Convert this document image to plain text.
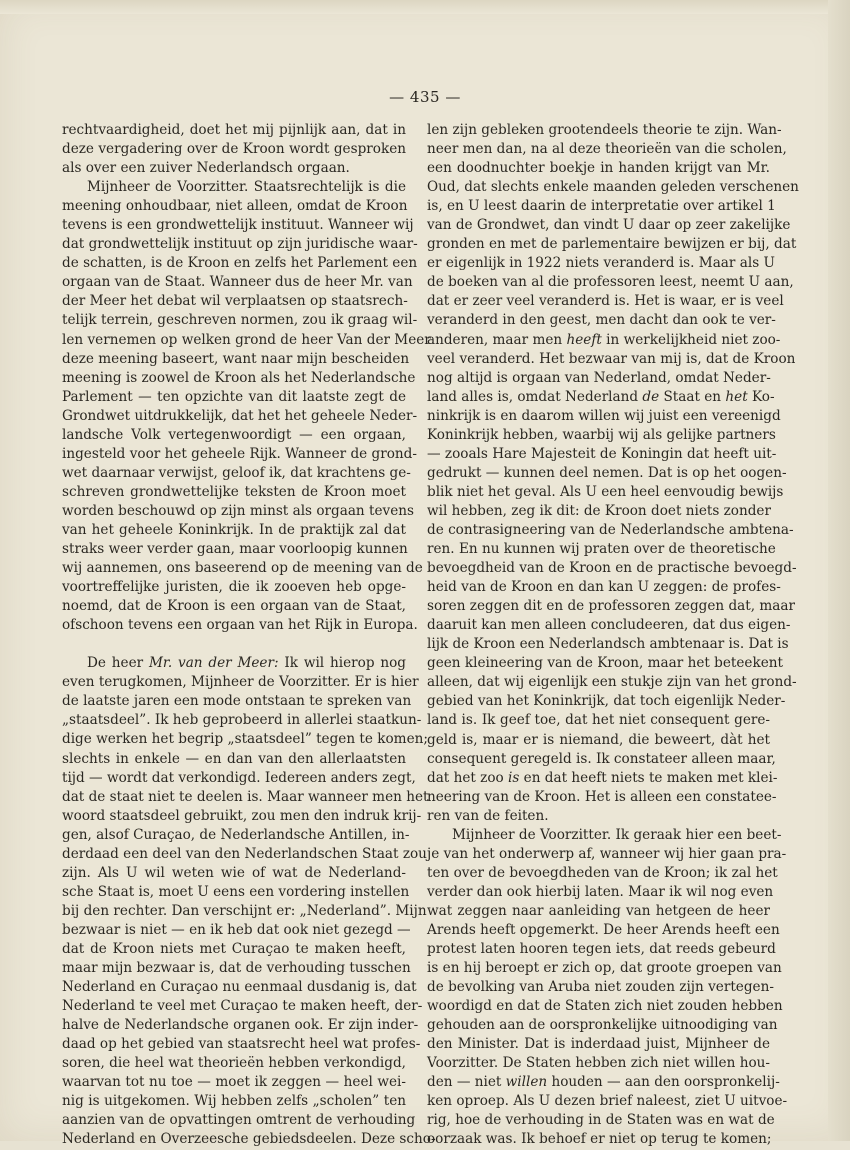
— 435 —
rechtvaardigheid, doet het mij pijnlijk aan, dat in
deze vergadering over de Kroon wordt gesproken
als over een zuiver Nederlandsch orgaan.
Mijnheer de Voorzitter. Staatsrechtelijk is die
meening onhoudbaar, niet alleen, omdat de Kroon
tevens is een grondwettelijk instituut. Wanneer wij
dat grondwettelijk instituut op zijn juridische waar-
de schatten, is de Kroon en zelfs het Parlement een
orgaan van de Staat. Wanneer dus de heer Mr. van
der Meer het debat wil verplaatsen op staatsrech-
telijk terrein, geschreven normen, zou ik graag wil-
len vernemen op welken grond de heer Van der Meer
deze meening baseert, want naar mijn bescheiden
meening is zoowel de Kroon als het Nederlandsche
Parlement — ten opzichte van dit laatste zegt de
Grondwet uitdrukkelijk, dat het het geheele Neder-
landsche Volk vertegenwoordigt — een orgaan,
ingesteld voor het geheele Rijk. Wanneer de grond-
wet daarnaar verwijst, geloof ik, dat krachtens ge-
schreven grondwettelijke teksten de Kroon moet
worden beschouwd op zijn minst als orgaan tevens
van het geheele Koninkrijk. In de praktijk zal dat
straks weer verder gaan, maar voorloopig kunnen
wij aannemen, ons baseerend op de meening van de
voortreffelijke juristen, die ik zooeven heb opge-
noemd, dat de Kroon is een orgaan van de Staat,
ofschoon tevens een orgaan van het Rijk in Europa.
De heer Mr. van der Meer: Ik wil hierop nog
even terugkomen, Mijnheer de Voorzitter. Er is hier
de laatste jaren een mode ontstaan te spreken van
„staatsdeel”. Ik heb geprobeerd in allerlei staatkun-
dige werken het begrip „staatsdeel” tegen te komen;
slechts in enkele — en dan van den allerlaatsten
tijd — wordt dat verkondigd. Iedereen anders zegt,
dat de staat niet te deelen is. Maar wanneer men het
woord staatsdeel gebruikt, zou men den indruk krij-
gen, alsof Curaçao, de Nederlandsche Antillen, in-
derdaad een deel van den Nederlandschen Staat zou
zijn. Als U wil weten wie of wat de Nederland-
sche Staat is, moet U eens een vordering instellen
bij den rechter. Dan verschijnt er: „Nederland”. Mijn
bezwaar is niet — en ik heb dat ook niet gezegd —
dat de Kroon niets met Curaçao te maken heeft,
maar mijn bezwaar is, dat de verhouding tusschen
Nederland en Curaçao nu eenmaal dusdanig is, dat
Nederland te veel met Curaçao te maken heeft, der-
halve de Nederlandsche organen ook. Er zijn inder-
daad op het gebied van staatsrecht heel wat profes-
soren, die heel wat theorieën hebben verkondigd,
waarvan tot nu toe — moet ik zeggen — heel wei-
nig is uitgekomen. Wij hebben zelfs „scholen” ten
aanzien van de opvattingen omtrent de verhouding
Nederland en Overzeesche gebiedsdeelen. Deze scho-
len zijn gebleken grootendeels theorie te zijn. Wan-
neer men dan, na al deze theorieën van die scholen,
een doodnuchter boekje in handen krijgt van Mr.
Oud, dat slechts enkele maanden geleden verschenen
is, en U leest daarin de interpretatie over artikel 1
van de Grondwet, dan vindt U daar op zeer zakelijke
gronden en met de parlementaire bewijzen er bij, dat
er eigenlijk in 1922 niets veranderd is. Maar als U
de boeken van al die professoren leest, neemt U aan,
dat er zeer veel veranderd is. Het is waar, er is veel
veranderd in den geest, men dacht dan ook te ver-
anderen, maar men heeft in werkelijkheid niet zoo-
veel veranderd. Het bezwaar van mij is, dat de Kroon
nog altijd is orgaan van Nederland, omdat Neder-
land alles is, omdat Nederland de Staat en het Ko-
ninkrijk is en daarom willen wij juist een vereenigd
Koninkrijk hebben, waarbij wij als gelijke partners
— zooals Hare Majesteit de Koningin dat heeft uit-
gedrukt — kunnen deel nemen. Dat is op het oogen-
blik niet het geval. Als U een heel eenvoudig bewijs
wil hebben, zeg ik dit: de Kroon doet niets zonder
de contrasigneering van de Nederlandsche ambtena-
ren. En nu kunnen wij praten over de theoretische
bevoegdheid van de Kroon en de practische bevoegd-
heid van de Kroon en dan kan U zeggen: de profes-
soren zeggen dit en de professoren zeggen dat, maar
daaruit kan men alleen concludeeren, dat dus eigen-
lijk de Kroon een Nederlandsch ambtenaar is. Dat is
geen kleineering van de Kroon, maar het beteekent
alleen, dat wij eigenlijk een stukje zijn van het grond-
gebied van het Koninkrijk, dat toch eigenlijk Neder-
land is. Ik geef toe, dat het niet consequent gere-
geld is, maar er is niemand, die beweert, dàt het
consequent geregeld is. Ik constateer alleen maar,
dat het zoo is en dat heeft niets te maken met klei-
neering van de Kroon. Het is alleen een constatee-
ren van de feiten.
Mijnheer de Voorzitter. Ik geraak hier een beet-
je van het onderwerp af, wanneer wij hier gaan pra-
ten over de bevoegdheden van de Kroon; ik zal het
verder dan ook hierbij laten. Maar ik wil nog even
wat zeggen naar aanleiding van hetgeen de heer
Arends heeft opgemerkt. De heer Arends heeft een
protest laten hooren tegen iets, dat reeds gebeurd
is en hij beroept er zich op, dat groote groepen van
de bevolking van Aruba niet zouden zijn vertegen-
woordigd en dat de Staten zich niet zouden hebben
gehouden aan de oorspronkelijke uitnoodiging van
den Minister. Dat is inderdaad juist, Mijnheer de
Voorzitter. De Staten hebben zich niet willen hou-
den — niet willen houden — aan den oorspronkelij-
ken oproep. Als U dezen brief naleest, ziet U uitvoe-
rig, hoe de verhouding in de Staten was en wat de
oorzaak was. Ik behoef er niet op terug te komen;
